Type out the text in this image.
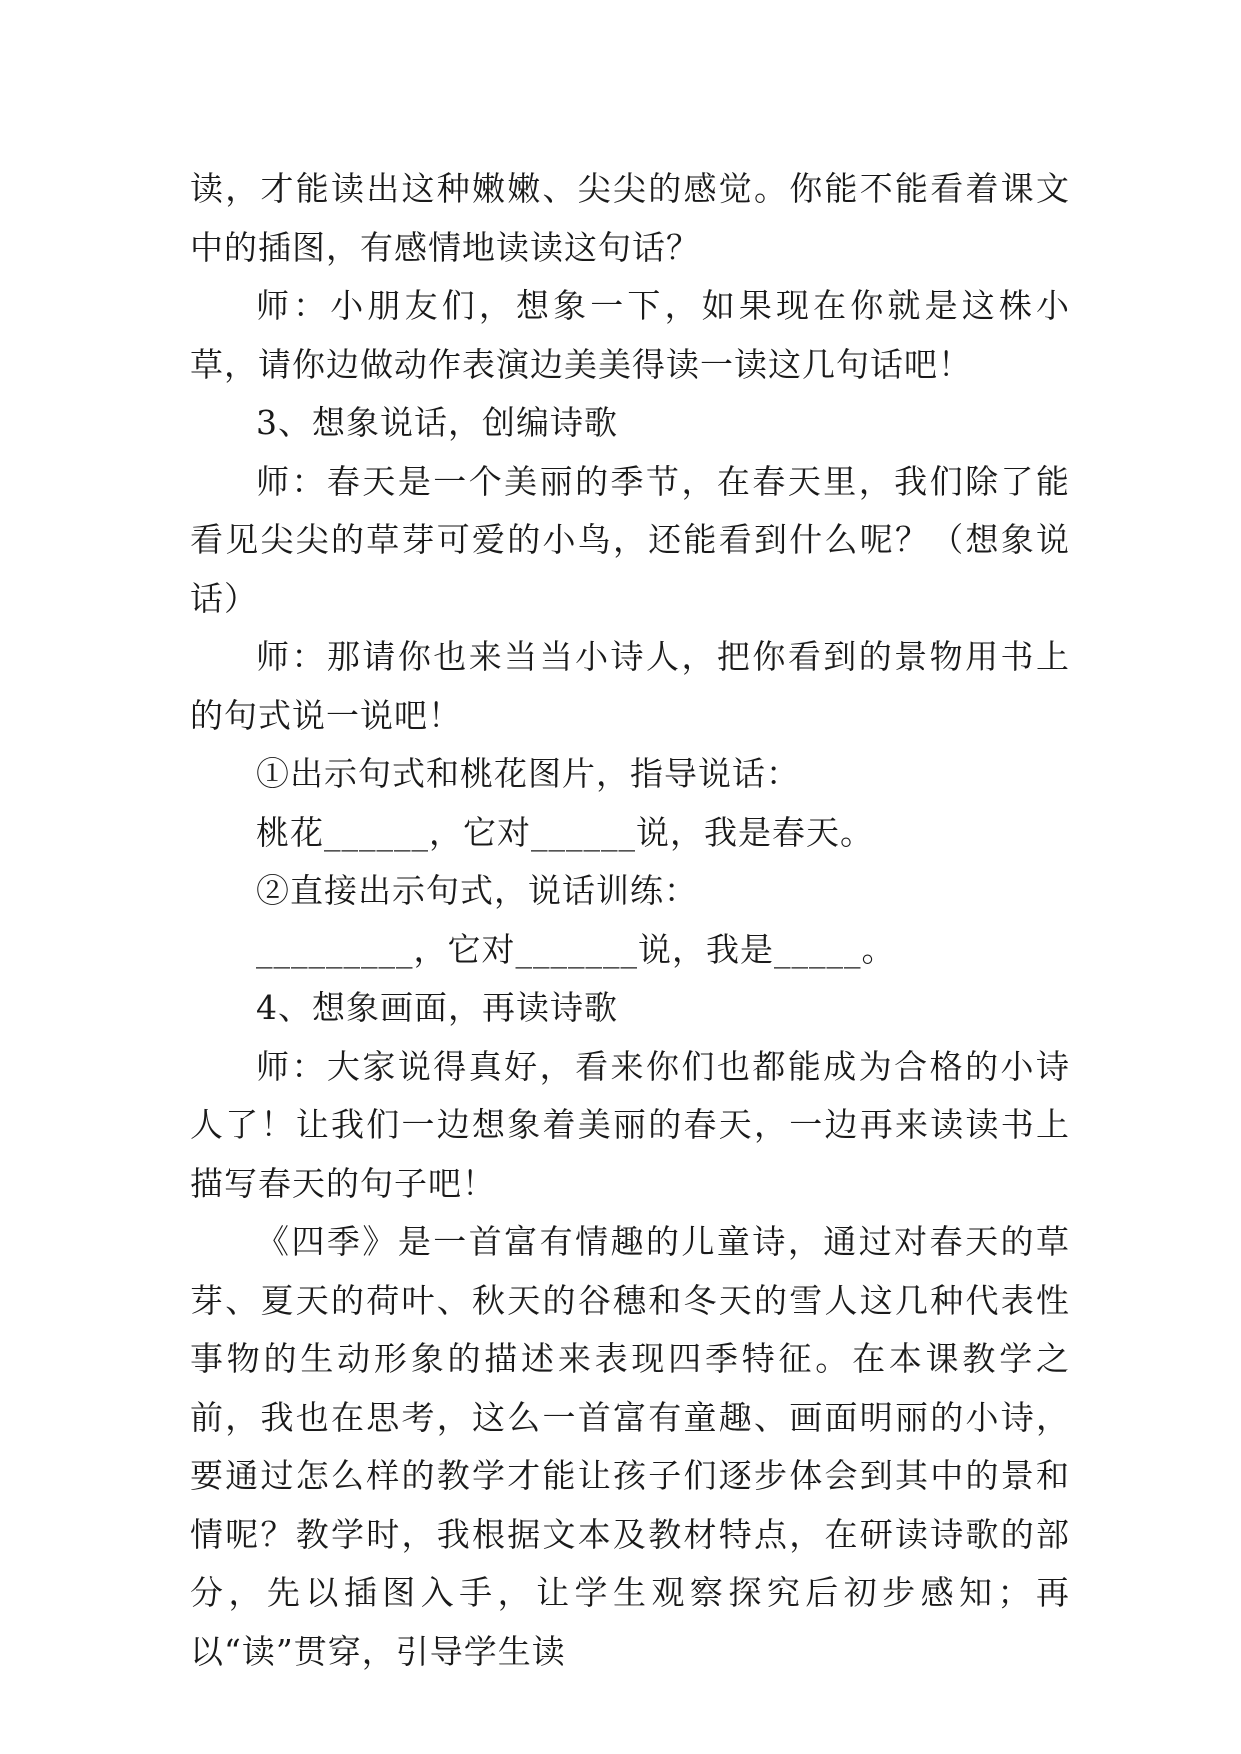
读，才能读出这种嫩嫩、尖尖的感觉。你能不能看着课文中的插图，有感情地读读这句话？

师：小朋友们，想象一下，如果现在你就是这株小草，请你边做动作表演边美美得读一读这几句话吧！

3、想象说话，创编诗歌

师：春天是一个美丽的季节，在春天里，我们除了能看见尖尖的草芽可爱的小鸟，还能看到什么呢？（想象说话）

师：那请你也来当当小诗人，把你看到的景物用书上的句式说一说吧！

①出示句式和桃花图片，指导说话：

桃花______，它对______说，我是春天。

②直接出示句式，说话训练：

_________，它对_______说，我是_____。

4、想象画面，再读诗歌

师：大家说得真好，看来你们也都能成为合格的小诗人了！让我们一边想象着美丽的春天，一边再来读读书上描写春天的句子吧！

《四季》是一首富有情趣的儿童诗，通过对春天的草芽、夏天的荷叶、秋天的谷穗和冬天的雪人这几种代表性事物的生动形象的描述来表现四季特征。在本课教学之前，我也在思考，这么一首富有童趣、画面明丽的小诗，要通过怎么样的教学才能让孩子们逐步体会到其中的景和情呢？教学时，我根据文本及教材特点，在研读诗歌的部分，先以插图入手，让学生观察探究后初步感知；再以“读”贯穿，引导学生读
